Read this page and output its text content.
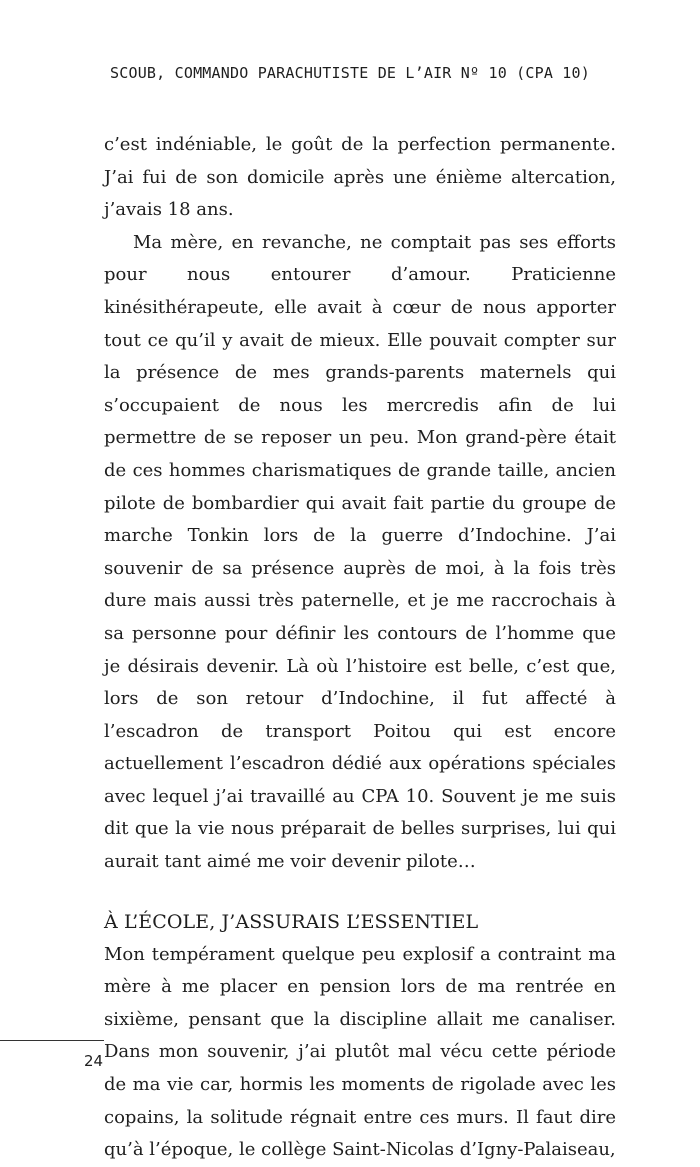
SCOUB, COMMANDO PARACHUTISTE DE L’AIR Nº 10 (CPA 10)

c’est indéniable, le goût de la perfection permanente. J’ai fui de son domicile après une énième altercation, j’avais 18 ans.

Ma mère, en revanche, ne comptait pas ses efforts pour nous entourer d’amour. Praticienne kinésithérapeute, elle avait à cœur de nous apporter tout ce qu’il y avait de mieux. Elle pouvait compter sur la présence de mes grands-parents maternels qui s’occupaient de nous les mercredis afin de lui permettre de se reposer un peu. Mon grand-père était de ces hommes charismatiques de grande taille, ancien pilote de bombardier qui avait fait partie du groupe de marche Tonkin lors de la guerre d’Indochine. J’ai souvenir de sa présence auprès de moi, à la fois très dure mais aussi très paternelle, et je me raccrochais à sa personne pour définir les contours de l’homme que je désirais devenir. Là où l’histoire est belle, c’est que, lors de son retour d’Indochine, il fut affecté à l’escadron de transport Poitou qui est encore actuellement l’escadron dédié aux opérations spéciales avec lequel j’ai travaillé au CPA 10. Souvent je me suis dit que la vie nous préparait de belles surprises, lui qui aurait tant aimé me voir devenir pilote…

À L’ÉCOLE, J’ASSURAIS L’ESSENTIEL

Mon tempérament quelque peu explosif a contraint ma mère à me placer en pension lors de ma rentrée en sixième, pensant que la discipline allait me canaliser. Dans mon souvenir, j’ai plutôt mal vécu cette période de ma vie car, hormis les moments de rigolade avec les copains, la solitude régnait entre ces murs. Il faut dire qu’à l’époque, le collège Saint-Nicolas d’Igny-Palaiseau,

24
